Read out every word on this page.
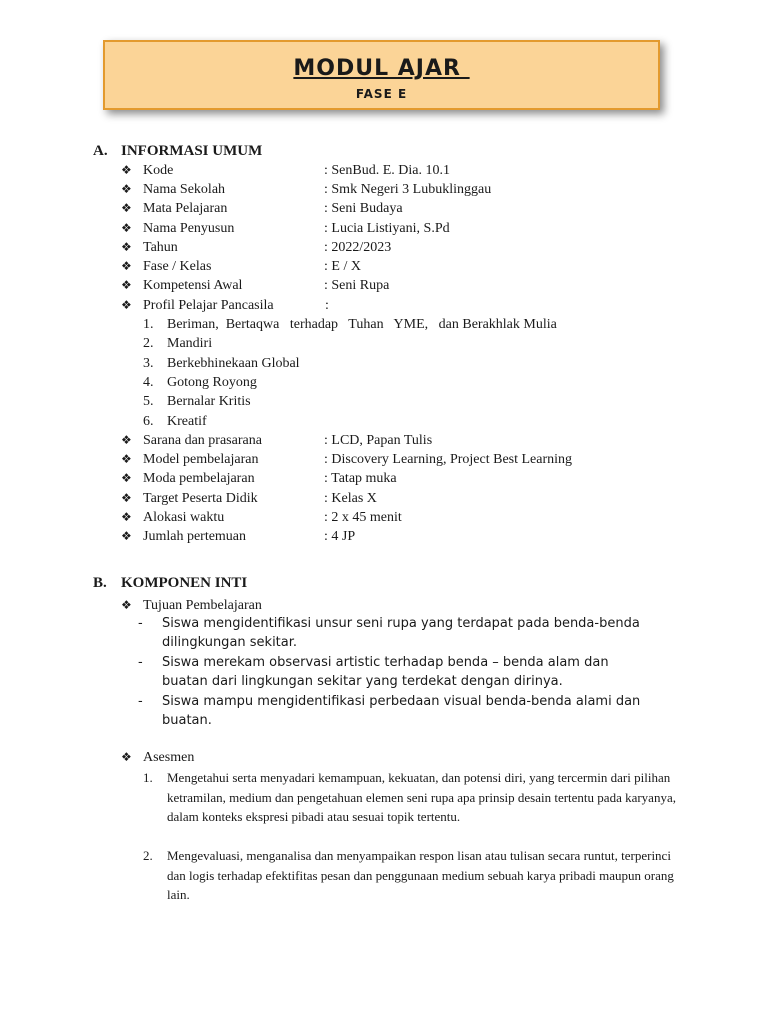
MODUL AJAR
FASE E
A. INFORMASI UMUM
❖ Kode	: SenBud. E. Dia. 10.1
❖ Nama Sekolah	: Smk Negeri 3 Lubuklinggau
❖ Mata Pelajaran	: Seni Budaya
❖ Nama Penyusun	: Lucia Listiyani, S.Pd
❖ Tahun	: 2022/2023
❖ Fase / Kelas	: E / X
❖ Kompetensi Awal	: Seni Rupa
❖ Profil Pelajar Pancasila	:
1. Beriman,  Bertaqwa   terhadap   Tuhan   YME,   dan Berakhlak Mulia
2. Mandiri
3. Berkebhinekaan Global
4. Gotong Royong
5. Bernalar Kritis
6. Kreatif
❖ Sarana dan prasarana	: LCD, Papan Tulis
❖ Model pembelajaran	: Discovery Learning, Project Best Learning
❖ Moda pembelajaran	: Tatap muka
❖ Target Peserta Didik	: Kelas X
❖ Alokasi waktu	: 2 x 45 menit
❖ Jumlah pertemuan	: 4 JP
B. KOMPONEN INTI
❖ Tujuan Pembelajaran
- Siswa mengidentifikasi unsur seni rupa yang terdapat pada benda-benda dilingkungan sekitar.
- Siswa merekam observasi artistic terhadap benda – benda alam dan buatan dari lingkungan sekitar yang terdekat dengan dirinya.
- Siswa mampu mengidentifikasi perbedaan visual benda-benda alami dan buatan.
❖ Asesmen
1. Mengetahui serta menyadari kemampuan, kekuatan, dan potensi diri, yang tercermin dari pilihan ketramilan, medium dan pengetahuan elemen seni rupa apa prinsip desain tertentu pada karyanya, dalam konteks ekspresi pibadi atau sesuai topik tertentu.
2. Mengevaluasi, menganalisa dan menyampaikan respon lisan atau tulisan secara runtut, terperinci dan logis terhadap efektifitas pesan dan penggunaan medium sebuah karya pribadi maupun orang lain.
